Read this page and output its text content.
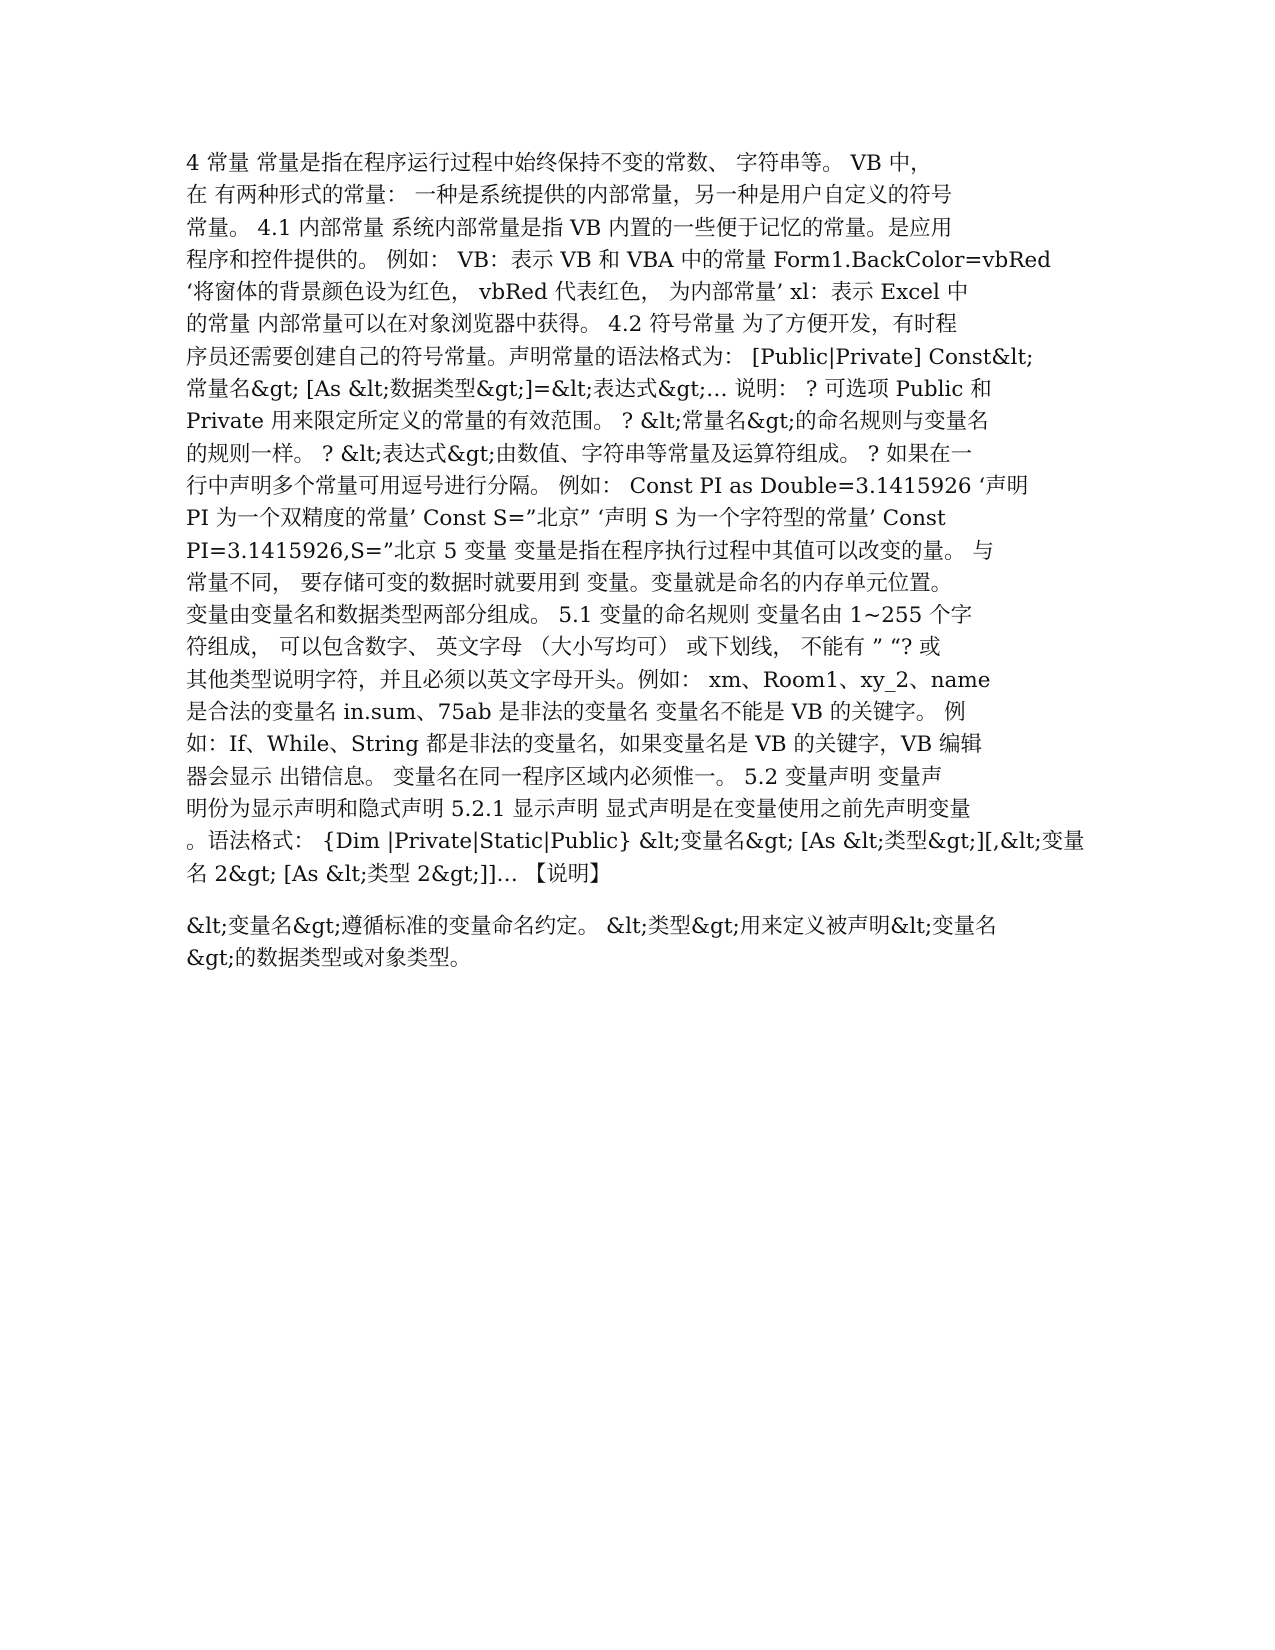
4 常量 常量是指在程序运行过程中始终保持不变的常数、 字符串等。 VB 中，
在 有两种形式的常量： 一种是系统提供的内部常量，另一种是用户自定义的符号
常量。 4.1 内部常量 系统内部常量是指 VB 内置的一些便于记忆的常量。是应用
程序和控件提供的。 例如： VB：表示 VB 和 VBA 中的常量 Form1.BackColor=vbRed
‘将窗体的背景颜色设为红色， vbRed 代表红色， 为内部常量’ xl：表示 Excel 中
的常量 内部常量可以在对象浏览器中获得。 4.2 符号常量 为了方便开发，有时程
序员还需要创建自己的符号常量。声明常量的语法格式为： [Public|Private] Const&lt;
常量名&gt; [As &lt;数据类型&gt;]=&lt;表达式&gt;… 说明： ? 可选项 Public 和
Private 用来限定所定义的常量的有效范围。 ? &lt;常量名&gt;的命名规则与变量名
的规则一样。 ? &lt;表达式&gt;由数值、字符串等常量及运算符组成。 ? 如果在一
行中声明多个常量可用逗号进行分隔。 例如： Const PI as Double=3.1415926 ‘声明
PI 为一个双精度的常量’ Const S=”北京” ‘声明 S 为一个字符型的常量’ Const
PI=3.1415926,S=”北京 5 变量 变量是指在程序执行过程中其值可以改变的量。 与
常量不同， 要存储可变的数据时就要用到 变量。变量就是命名的内存单元位置。
变量由变量名和数据类型两部分组成。 5.1 变量的命名规则 变量名由 1~255 个字
符组成， 可以包含数字、 英文字母 （大小写均可） 或下划线， 不能有 ” “? 或
其他类型说明字符，并且必须以英文字母开头。例如： xm、Room1、xy_2、name
是合法的变量名 in.sum、75ab 是非法的变量名 变量名不能是 VB 的关键字。 例
如：If、While、String 都是非法的变量名，如果变量名是 VB 的关键字，VB 编辑
器会显示 出错信息。 变量名在同一程序区域内必须惟一。 5.2 变量声明 变量声
明份为显示声明和隐式声明 5.2.1 显示声明 显式声明是在变量使用之前先声明变量
。语法格式： {Dim |Private|Static|Public} &lt;变量名&gt; [As &lt;类型&gt;][,&lt;变量
名 2&gt; [As &lt;类型 2&gt;]]… 【说明】
&lt;变量名&gt;遵循标准的变量命名约定。 &lt;类型&gt;用来定义被声明&lt;变量名
&gt;的数据类型或对象类型。
